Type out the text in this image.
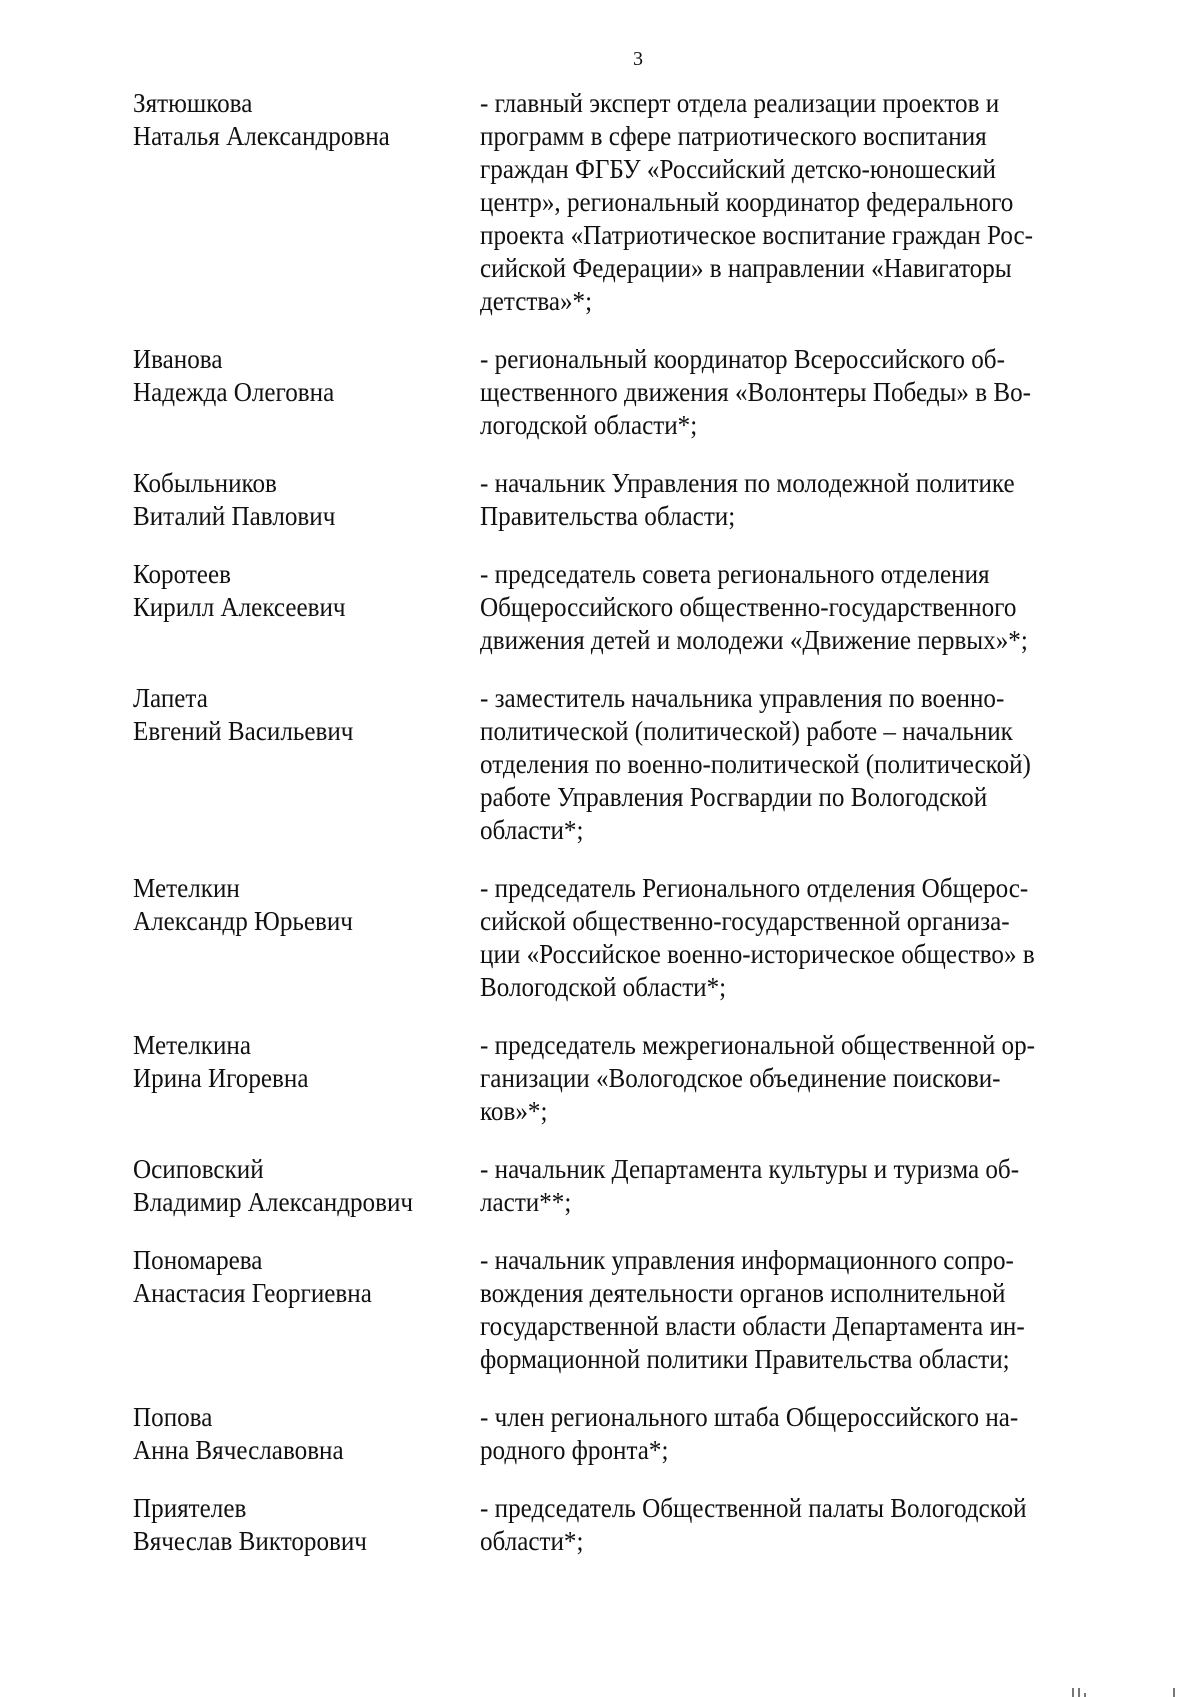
3
Зятюшкова
Наталья Александровна
- главный эксперт отдела реализации проектов и
программ в сфере патриотического воспитания
граждан ФГБУ «Российский детско-юношеский
центр», региональный координатор федерального
проекта «Патриотическое воспитание граждан Рос-
сийской Федерации» в направлении «Навигаторы
детства»*;
Иванова
Надежда Олеговна
- региональный координатор Всероссийского об-
щественного движения «Волонтеры Победы» в Во-
логодской области*;
Кобыльников
Виталий Павлович
- начальник Управления по молодежной политике
Правительства области;
Коротеев
Кирилл Алексеевич
- председатель совета регионального отделения
Общероссийского общественно-государственного
движения детей и молодежи «Движение первых»*;
Лапета
Евгений Васильевич
- заместитель начальника управления по военно-
политической (политической) работе – начальник
отделения по военно-политической (политической)
работе Управления Росгвардии по Вологодской
области*;
Метелкин
Александр Юрьевич
- председатель Регионального отделения Общерос-
сийской общественно-государственной организа-
ции «Российское военно-историческое общество» в
Вологодской области*;
Метелкина
Ирина Игоревна
- председатель межрегиональной общественной ор-
ганизации «Вологодское объединение поискови-
ков»*;
Осиповский
Владимир Александрович
- начальник Департамента культуры и туризма об-
ласти**;
Пономарева
Анастасия Георгиевна
- начальник управления информационного сопро-
вождения деятельности органов исполнительной
государственной власти области Департамента ин-
формационной политики Правительства области;
Попова
Анна Вячеславовна
- член регионального штаба Общероссийского на-
родного фронта*;
Приятелев
Вячеслав Викторович
- председатель Общественной палаты Вологодской
области*;
